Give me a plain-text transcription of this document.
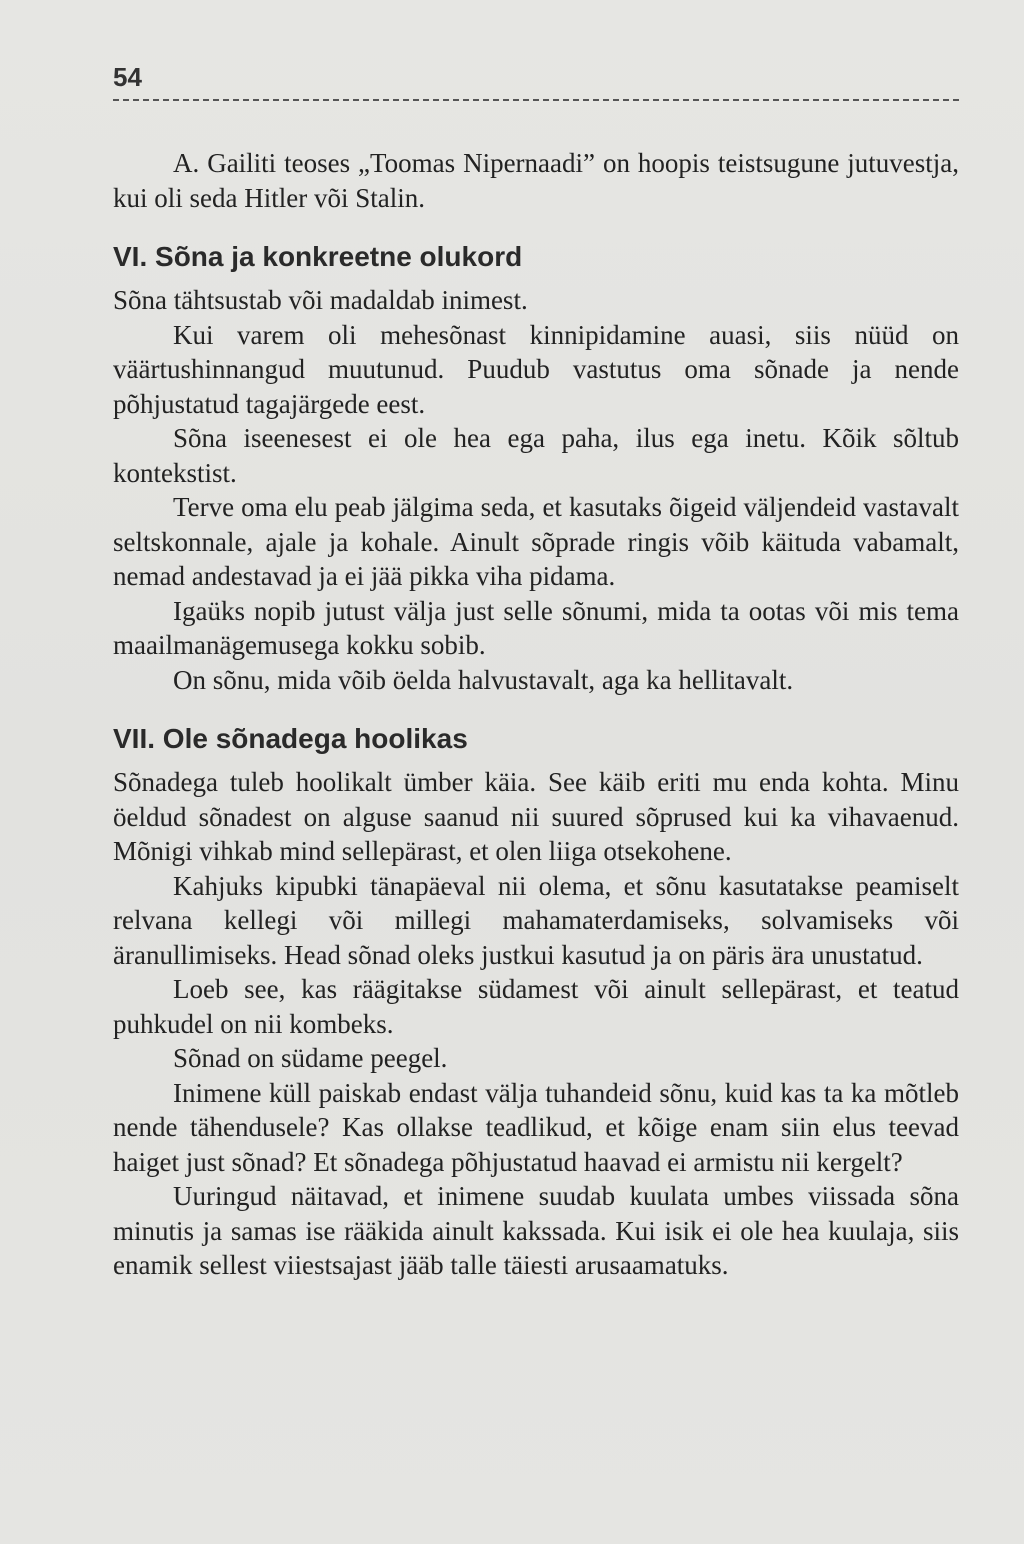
54

A. Gailiti teoses „Toomas Nipernaadi” on hoopis teistsugune jutuvestja, kui oli seda Hitler või Stalin.

VI. Sõna ja konkreetne olukord

Sõna tähtsustab või madaldab inimest.

Kui varem oli mehesõnast kinnipidamine auasi, siis nüüd on väärtushinnangud muutunud. Puudub vastutus oma sõnade ja nende põhjustatud tagajärgede eest.

Sõna iseenesest ei ole hea ega paha, ilus ega inetu. Kõik sõltub kontekstist.

Terve oma elu peab jälgima seda, et kasutaks õigeid väljendeid vastavalt seltskonnale, ajale ja kohale. Ainult sõprade ringis võib käituda vabamalt, nemad andestavad ja ei jää pikka viha pidama.

Igaüks nopib jutust välja just selle sõnumi, mida ta ootas või mis tema maailmanägemusega kokku sobib.

On sõnu, mida võib öelda halvustavalt, aga ka hellitavalt.

VII. Ole sõnadega hoolikas

Sõnadega tuleb hoolikalt ümber käia. See käib eriti mu enda kohta. Minu öeldud sõnadest on alguse saanud nii suured sõprused kui ka vihavaenud. Mõnigi vihkab mind sellepärast, et olen liiga otsekohene.

Kahjuks kipubki tänapäeval nii olema, et sõnu kasutatakse peamiselt relvana kellegi või millegi mahamaterdamiseks, solvamiseks või äranullimiseks. Head sõnad oleks justkui kasutud ja on päris ära unustatud.

Loeb see, kas räägitakse südamest või ainult sellepärast, et teatud puhkudel on nii kombeks.

Sõnad on südame peegel.

Inimene küll paiskab endast välja tuhandeid sõnu, kuid kas ta ka mõtleb nende tähendusele? Kas ollakse teadlikud, et kõige enam siin elus teevad haiget just sõnad? Et sõnadega põhjustatud haavad ei armistu nii kergelt?

Uuringud näitavad, et inimene suudab kuulata umbes viissada sõna minutis ja samas ise rääkida ainult kakssada. Kui isik ei ole hea kuulaja, siis enamik sellest viiestsajast jääb talle täiesti arusaamatuks.
